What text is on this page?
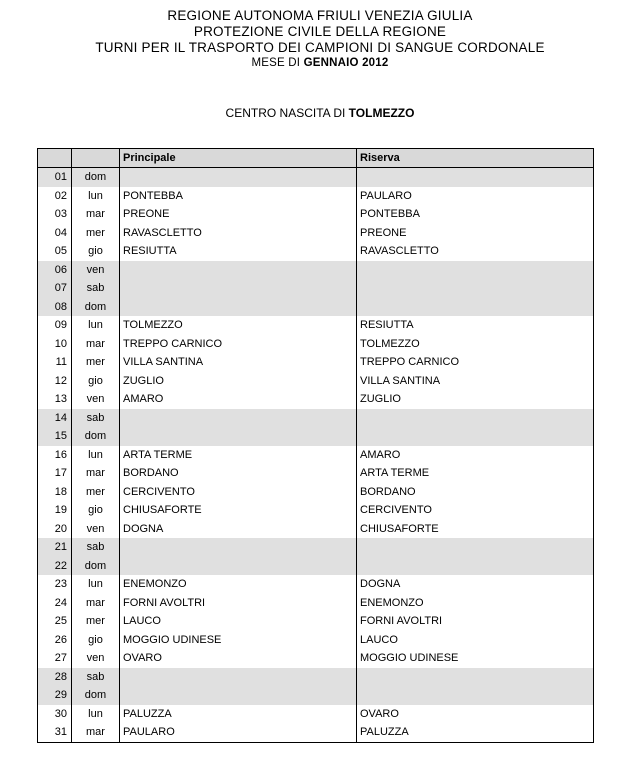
REGIONE AUTONOMA FRIULI VENEZIA GIULIA
PROTEZIONE CIVILE DELLA REGIONE
TURNI PER IL TRASPORTO DEI CAMPIONI DI SANGUE CORDONALE
MESE DI GENNAIO 2012
CENTRO NASCITA DI TOLMEZZO
		Principale	Riserva
01	dom		
02	lun	PONTEBBA	PAULARO
03	mar	PREONE	PONTEBBA
04	mer	RAVASCLETTO	PREONE
05	gio	RESIUTTA	RAVASCLETTO
06	ven		
07	sab		
08	dom		
09	lun	TOLMEZZO	RESIUTTA
10	mar	TREPPO CARNICO	TOLMEZZO
11	mer	VILLA SANTINA	TREPPO CARNICO
12	gio	ZUGLIO	VILLA SANTINA
13	ven	AMARO	ZUGLIO
14	sab		
15	dom		
16	lun	ARTA TERME	AMARO
17	mar	BORDANO	ARTA TERME
18	mer	CERCIVENTO	BORDANO
19	gio	CHIUSAFORTE	CERCIVENTO
20	ven	DOGNA	CHIUSAFORTE
21	sab		
22	dom		
23	lun	ENEMONZO	DOGNA
24	mar	FORNI AVOLTRI	ENEMONZO
25	mer	LAUCO	FORNI AVOLTRI
26	gio	MOGGIO UDINESE	LAUCO
27	ven	OVARO	MOGGIO UDINESE
28	sab		
29	dom		
30	lun	PALUZZA	OVARO
31	mar	PAULARO	PALUZZA
